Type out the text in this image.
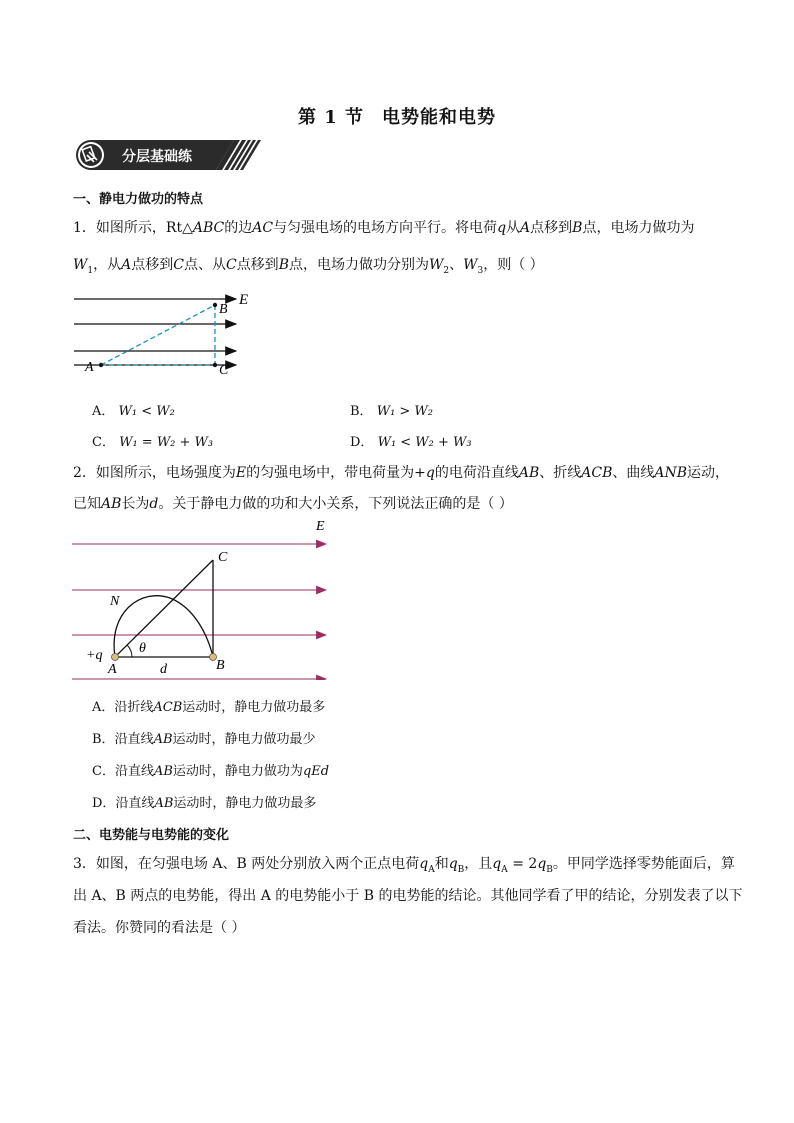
第 1 节 电势能和电势
分层基础练
一、静电力做功的特点
1．如图所示，Rt△ABC的边AC与匀强电场的电场方向平行。将电荷q从A点移到B点，电场力做功为
$W_1$，从A点移到C点、从C点移到B点，电场力做功分别为$W_2$、$W_3$，则（ ）
E
B
A	C
A． W₁ < W₂	B． W₁ > W₂
C． W₁ = W₂ + W₃	D． W₁ < W₂ + W₃
2．如图所示，电场强度为E的匀强电场中，带电荷量为+q的电荷沿直线AB、折线ACB、曲线ANB运动，
已知AB长为d。关于静电力做的功和大小关系，下列说法正确的是（ ）
E
C
N
+q	θ
A	d	B
A．沿折线ACB运动时，静电力做功最多
B．沿直线AB运动时，静电力做功最少
C．沿直线AB运动时，静电力做功为qEd
D．沿直线AB运动时，静电力做功最多
二、电势能与电势能的变化
3．如图，在匀强电场 A、B 两处分别放入两个正点电荷$q_A$和$q_B$，且$q_A = 2q_B$。甲同学选择零势能面后，算
出 A、B 两点的电势能，得出 A 的电势能小于 B 的电势能的结论。其他同学看了甲的结论，分别发表了以下
看法。你赞同的看法是（ ）
